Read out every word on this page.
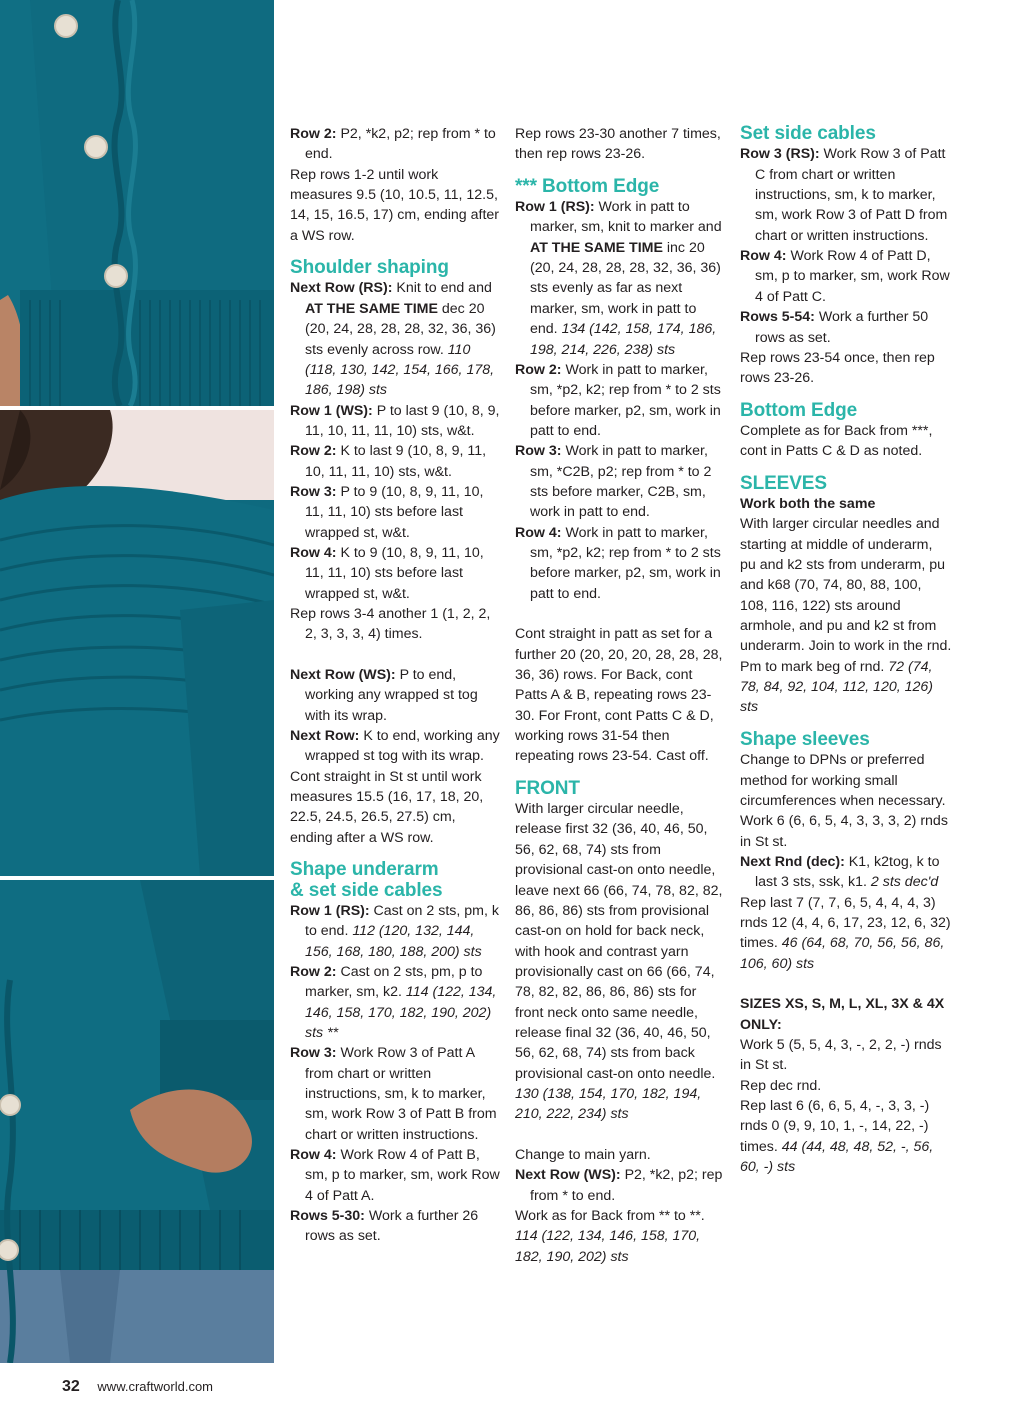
Row 2: P2, *k2, p2; rep from * to end.

Rep rows 1-2 until work measures 9.5 (10, 10.5, 11, 12.5, 14, 15, 16.5, 17) cm, ending after a WS row.

Shoulder shaping

Next Row (RS): Knit to end and AT THE SAME TIME dec 20 (20, 24, 28, 28, 28, 32, 36, 36) sts evenly across row. 110 (118, 130, 142, 154, 166, 178, 186, 198) sts

Row 1 (WS): P to last 9 (10, 8, 9, 11, 10, 11, 11, 10) sts, w&t.

Row 2: K to last 9 (10, 8, 9, 11, 10, 11, 11, 10) sts, w&t.

Row 3: P to 9 (10, 8, 9, 11, 10, 11, 11, 10) sts before last wrapped st, w&t.

Row 4: K to 9 (10, 8, 9, 11, 10, 11, 11, 10) sts before last wrapped st, w&t.

Rep rows 3-4 another 1 (1, 2, 2, 2, 3, 3, 3, 4) times.

Next Row (WS): P to end, working any wrapped st tog with its wrap.

Next Row: K to end, working any wrapped st tog with its wrap.

Cont straight in St st until work measures 15.5 (16, 17, 18, 20, 22.5, 24.5, 26.5, 27.5) cm, ending after a WS row.

Shape underarm
& set side cables

Row 1 (RS): Cast on 2 sts, pm, k to end. 112 (120, 132, 144, 156, 168, 180, 188, 200) sts

Row 2: Cast on 2 sts, pm, p to marker, sm, k2. 114 (122, 134, 146, 158, 170, 182, 190, 202) sts **

Row 3: Work Row 3 of Patt A from chart or written instructions, sm, k to marker, sm, work Row 3 of Patt B from chart or written instructions.

Row 4: Work Row 4 of Patt B, sm, p to marker, sm, work Row 4 of Patt A.

Rows 5-30: Work a further 26 rows as set.

Rep rows 23-30 another 7 times, then rep rows 23-26.

*** Bottom Edge

Row 1 (RS): Work in patt to marker, sm, knit to marker and AT THE SAME TIME inc 20 (20, 24, 28, 28, 28, 32, 36, 36) sts evenly as far as next marker, sm, work in patt to end. 134 (142, 158, 174, 186, 198, 214, 226, 238) sts

Row 2: Work in patt to marker, sm, *p2, k2; rep from * to 2 sts before marker, p2, sm, work in patt to end.

Row 3: Work in patt to marker, sm, *C2B, p2; rep from * to 2 sts before marker, C2B, sm, work in patt to end.

Row 4: Work in patt to marker, sm, *p2, k2; rep from * to 2 sts before marker, p2, sm, work in patt to end.

Cont straight in patt as set for a further 20 (20, 20, 20, 28, 28, 28, 36, 36) rows. For Back, cont Patts A & B, repeating rows 23-30. For Front, cont Patts C & D, working rows 31-54 then repeating rows 23-54. Cast off.

FRONT

With larger circular needle, release first 32 (36, 40, 46, 50, 56, 62, 68, 74) sts from provisional cast-on onto needle, leave next 66 (66, 74, 78, 82, 82, 86, 86, 86) sts from provisional cast-on on hold for back neck, with hook and contrast yarn provisionally cast on 66 (66, 74, 78, 82, 82, 86, 86, 86) sts for front neck onto same needle, release final 32 (36, 40, 46, 50, 56, 62, 68, 74) sts from back provisional cast-on onto needle. 130 (138, 154, 170, 182, 194, 210, 222, 234) sts

Change to main yarn.

Next Row (WS): P2, *k2, p2; rep from * to end.

Work as for Back from ** to **. 114 (122, 134, 146, 158, 170, 182, 190, 202) sts

Set side cables

Row 3 (RS): Work Row 3 of Patt C from chart or written instructions, sm, k to marker, sm, work Row 3 of Patt D from chart or written instructions.

Row 4: Work Row 4 of Patt D, sm, p to marker, sm, work Row 4 of Patt C.

Rows 5-54: Work a further 50 rows as set.

Rep rows 23-54 once, then rep rows 23-26.

Bottom Edge

Complete as for Back from ***, cont in Patts C & D as noted.

SLEEVES

Work both the same

With larger circular needles and starting at middle of underarm, pu and k2 sts from underarm, pu and k68 (70, 74, 80, 88, 100, 108, 116, 122) sts around armhole, and pu and k2 st from underarm. Join to work in the rnd. Pm to mark beg of rnd. 72 (74, 78, 84, 92, 104, 112, 120, 126) sts

Shape sleeves

Change to DPNs or preferred method for working small circumferences when necessary.

Work 6 (6, 6, 5, 4, 3, 3, 3, 2) rnds in St st.

Next Rnd (dec): K1, k2tog, k to last 3 sts, ssk, k1. 2 sts dec'd

Rep last 7 (7, 7, 6, 5, 4, 4, 4, 3) rnds 12 (4, 4, 6, 17, 23, 12, 6, 32) times. 46 (64, 68, 70, 56, 56, 86, 106, 60) sts

SIZES XS, S, M, L, XL, 3X & 4X ONLY:

Work 5 (5, 5, 4, 3, -, 2, 2, -) rnds in St st.

Rep dec rnd.

Rep last 6 (6, 6, 5, 4, -, 3, 3, -) rnds 0 (9, 9, 10, 1, -, 14, 22, -) times. 44 (44, 48, 48, 52, -, 56, 60, -) sts

32 www.craftworld.com
